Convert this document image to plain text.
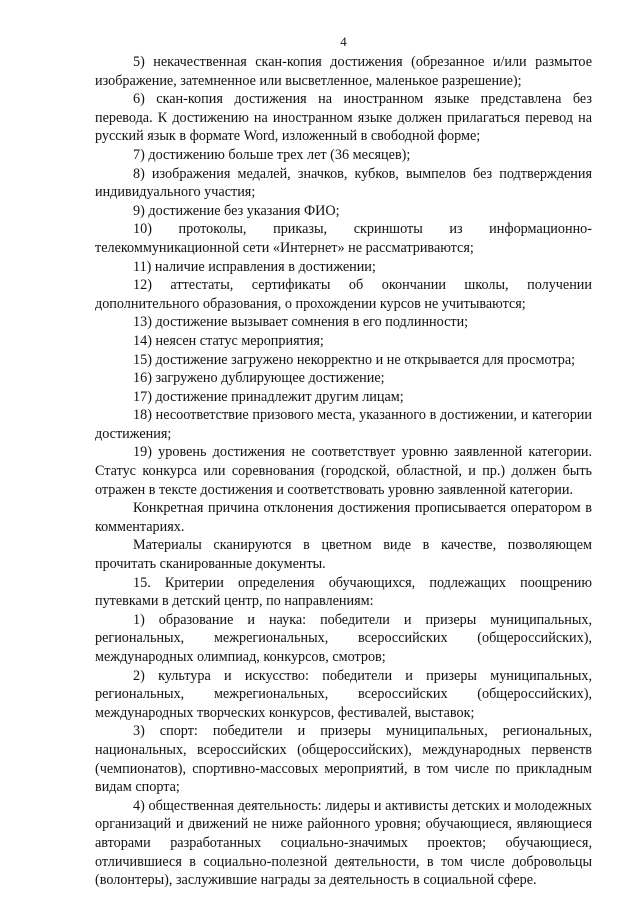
4

5) некачественная скан-копия достижения (обрезанное и/или размытое изображение, затемненное или высветленное, маленькое разрешение);

6) скан-копия достижения на иностранном языке представлена без перевода. К достижению на иностранном языке должен прилагаться перевод на русский язык в формате Word, изложенный в свободной форме;

7) достижению больше трех лет (36 месяцев);

8) изображения медалей, значков, кубков, вымпелов без подтверждения индивидуального участия;

9) достижение без указания ФИО;

10) протоколы, приказы, скриншоты из информационно-телекоммуникационной сети «Интернет» не рассматриваются;

11) наличие исправления в достижении;

12) аттестаты, сертификаты об окончании школы, получении дополнительного образования, о прохождении курсов не учитываются;

13) достижение вызывает сомнения в его подлинности;

14) неясен статус мероприятия;

15) достижение загружено некорректно и не открывается для просмотра;

16) загружено дублирующее достижение;

17) достижение принадлежит другим лицам;

18) несоответствие призового места, указанного в достижении, и категории достижения;

19) уровень достижения не соответствует уровню заявленной категории. Статус конкурса или соревнования (городской, областной, и пр.) должен быть отражен в тексте достижения и соответствовать уровню заявленной категории.

Конкретная причина отклонения достижения прописывается оператором в комментариях.

Материалы сканируются в цветном виде в качестве, позволяющем прочитать сканированные документы.

15. Критерии определения обучающихся, подлежащих поощрению путевками в детский центр, по направлениям:

1) образование и наука: победители и призеры муниципальных, региональных, межрегиональных, всероссийских (общероссийских), международных олимпиад, конкурсов, смотров;

2) культура и искусство: победители и призеры муниципальных, региональных, межрегиональных, всероссийских (общероссийских), международных творческих конкурсов, фестивалей, выставок;

3) спорт: победители и призеры муниципальных, региональных, национальных, всероссийских (общероссийских), международных первенств (чемпионатов), спортивно-массовых мероприятий, в том числе по прикладным видам спорта;

4) общественная деятельность: лидеры и активисты детских и молодежных организаций и движений не ниже районного уровня; обучающиеся, являющиеся авторами разработанных социально-значимых проектов; обучающиеся, отличившиеся в социально-полезной деятельности, в том числе добровольцы (волонтеры), заслужившие награды за деятельность в социальной сфере.
